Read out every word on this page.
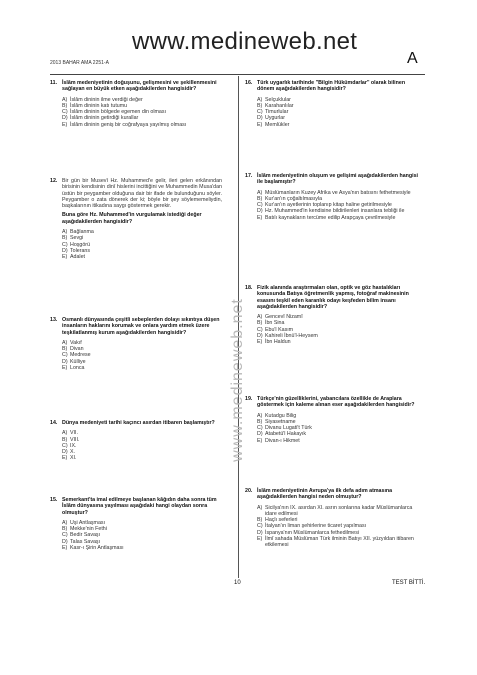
2013 BAHAR AMA 2251-A
www.medineweb.net
A
www.medineweb.net
11. İslâm medeniyetinin doğuşunu, gelişmesini ve şekillenmesini sağlayan en büyük etken aşağıdakilerden hangisidir?
A) İslâm dininin ilme verdiği değer
B) İslâm dininin katı tutumu
C) İslâm dininin bölgede egemen din olması
D) İslâm dininin getirdiği kurallar
E) İslâm dininin geniş bir coğrafyaya yayılmış olması
12. Bir gün bir Musevî Hz. Muhammed'e gelir, ileri gelen erkânından birisinin kendisinin dinî hislerini incittiğini ve Muhammedin Musa'dan üstün bir peygamber olduğuna dair bir ifade de bulunduğunu söyler. Peygamber o zata dönerek der ki; böyle bir şey söylememeliydin, başkalarının itikadına saygı göstermek gerekir.
Buna göre Hz. Muhammed'in vurgulamak istediği değer aşağıdakilerden hangisidir?
A) Bağlanma
B) Sevgi
C) Hoşgörü
D) Tolerans
E) Adalet
13. Osmanlı dünyasında çeşitli sebeplerden dolayı sıkıntıya düşen insanların haklarını korumak ve onlara yardım etmek üzere teşkilatlanmış kurum aşağıdakilerden hangisidir?
A) Vakıf
B) Divan
C) Medrese
D) Külliye
E) Lonca
14. Dünya medeniyeti tarihi kaçıncı asırdan itibaren başlamıştır?
A) VII.
B) VIII.
C) IX.
D) X.
E) XI.
15. Semerkant'ta imal edilmeye başlanan kâğıdın daha sonra tüm İslâm dünyasına yayılması aşağıdaki hangi olaydan sonra olmuştur?
A) Uşi Antlaşması
B) Mekke'nin Fethi
C) Bedir Savaşı
D) Talas Savaşı
E) Kasr-ı Şirin Antlaşması
16. Türk uygarlık tarihinde "Bilgin Hükümdarlar" olarak bilinen dönem aşağıdakilerden hangisidir?
A) Selçuklular
B) Karahanlılar
C) Timurlular
D) Uygurlar
E) Memlükler
17. İslâm medeniyetinin oluşum ve gelişimi aşağıdakilerden hangisi ile başlamıştır?
A) Müslümanların Kuzey Afrika ve Asya'nın batısını fethetmesiyle
B) Kur'an'ın çoğaltılmasıyla
C) Kur'an'ın ayetlerinin toplanıp kitap haline getirilmesiyle
D) Hz. Muhammed'in kendisine bildirilenleri insanlara tebliği ile
E) Batılı kaynakların tercüme edilip Arapçaya çevrilmesiyle
18. Fizik alanında araştırmaları olan, optik ve göz hastalıkları konusunda Batıya öğretmenlik yapmış, fotoğraf makinesinin esasını teşkil eden karanlık odayı keşfeden bilim insanı aşağıdakilerden hangisidir?
A) Gencevî Nizamî
B) İbn Sina
C) Ebu'l Kasım
D) Kahireli İbnü'l-Heysem
E) İbn Haldun
19. Türkçe'nin güzelliklerini, yabancılara özellikle de Araplara göstermek için kaleme alınan eser aşağıdakilerden hangisidir?
A) Kutadgu Bilig
B) Siyasetname
C) Divanu Lugati't Türk
D) Atabetü'l Hakayık
E) Divan-ı Hikmet
20. İslâm medeniyetinin Avrupa'ya ilk defa adım atmasına aşağıdakilerden hangisi neden olmuştur?
A) Sicilya'nın IX. asırdan XI. asrın sonlarına kadar Müslümanlarca idare edilmesi
B) Haçlı seferleri
C) İtalyan'ın liman şehirlerine ticaret yapılması
D) İspanya'nın Müslümanlarca fethedilmesi
E) İlmî sahada Müslüman Türk ilminin Batıyı XII. yüzyıldan itibaren etkilemesi
10	TEST BİTTİ.
